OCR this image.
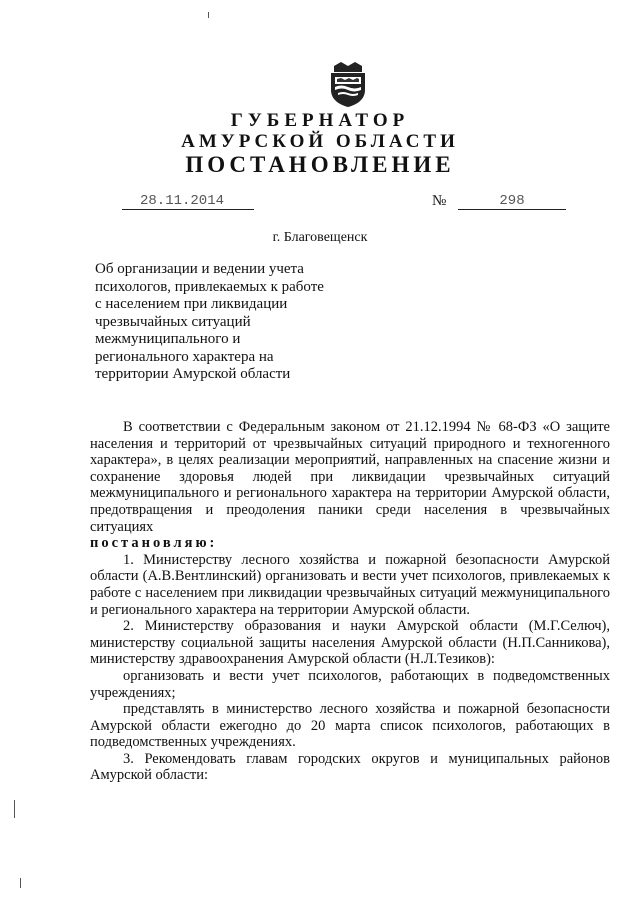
ГУБЕРНАТОР
АМУРСКОЙ ОБЛАСТИ
ПОСТАНОВЛЕНИЕ
28.11.2014	№	298
г. Благовещенск
Об организации и ведении учета
психологов, привлекаемых к работе
с населением при ликвидации
чрезвычайных ситуаций
межмуниципального и
регионального характера на
территории Амурской области

В соответствии с Федеральным законом от 21.12.1994 № 68-ФЗ «О защите населения и территорий от чрезвычайных ситуаций природного и техногенного характера», в целях реализации мероприятий, направленных на спасение жизни и сохранение здоровья людей при ликвидации чрезвычайных ситуаций межмуниципального и регионального характера на территории Амурской области, предотвращения и преодоления паники среди населения в чрезвычайных ситуациях

постановляю:

1. Министерству лесного хозяйства и пожарной безопасности Амурской области (А.В.Вентлинский) организовать и вести учет психологов, привлекаемых к работе с населением при ликвидации чрезвычайных ситуаций межмуниципального и регионального характера на территории Амурской области.

2. Министерству образования и науки Амурской области (М.Г.Селюч), министерству социальной защиты населения Амурской области (Н.П.Санникова), министерству здравоохранения Амурской области (Н.Л.Тезиков):

организовать и вести учет психологов, работающих в подведомственных учреждениях;

представлять в министерство лесного хозяйства и пожарной безопасности Амурской области ежегодно до 20 марта список психологов, работающих в подведомственных учреждениях.

3. Рекомендовать главам городских округов и муниципальных районов Амурской области:
